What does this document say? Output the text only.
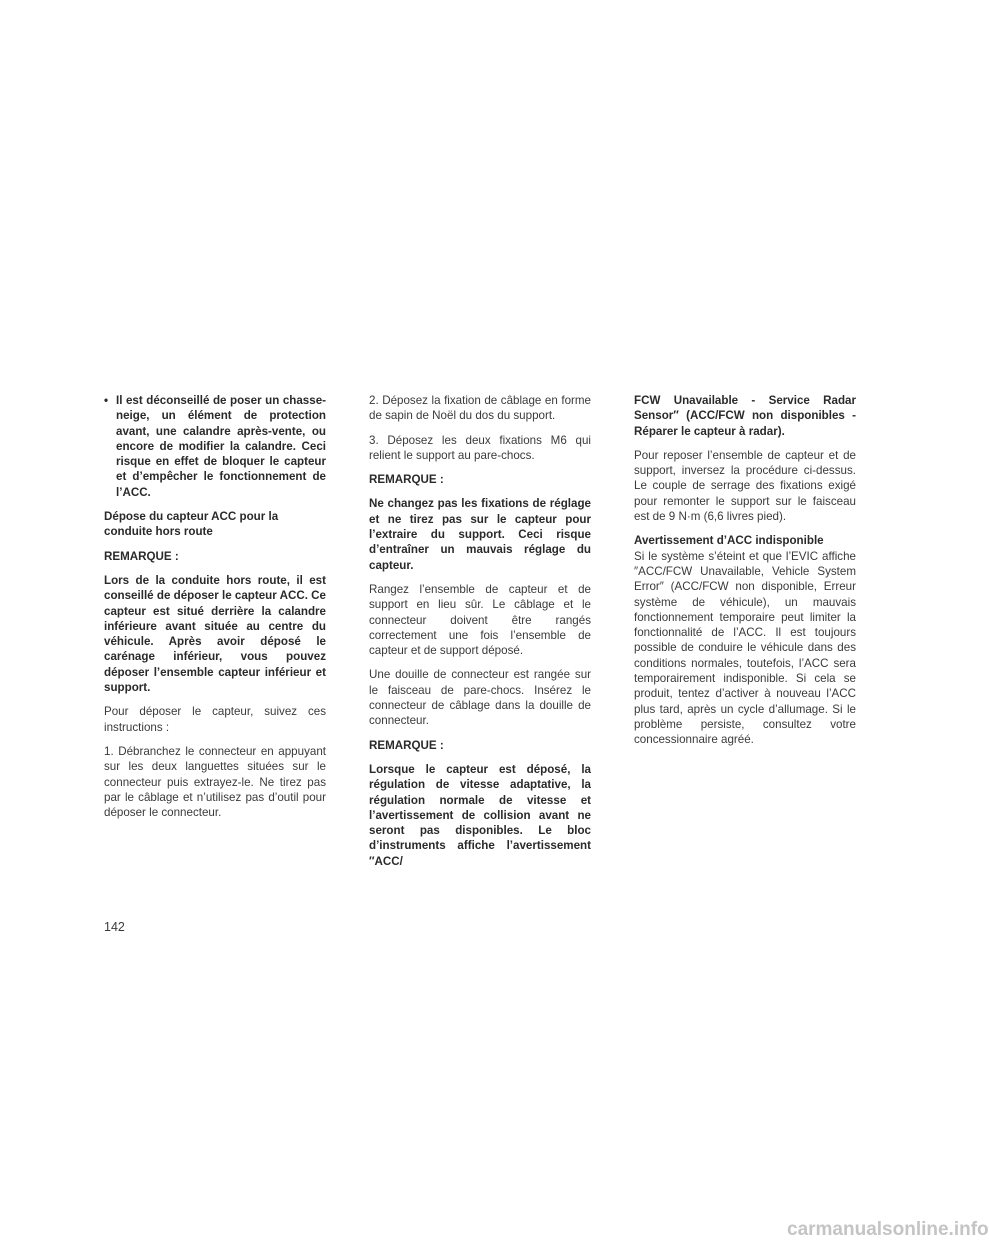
• Il est déconseillé de poser un chasse-neige, un élément de protection avant, une calandre après-vente, ou encore de modifier la calandre. Ceci risque en effet de bloquer le capteur et d’empêcher le fonctionnement de l’ACC.

Dépose du capteur ACC pour la conduite hors route

REMARQUE :

Lors de la conduite hors route, il est conseillé de déposer le capteur ACC. Ce capteur est situé derrière la calandre inférieure avant située au centre du véhicule. Après avoir déposé le carénage inférieur, vous pouvez déposer l’ensemble capteur inférieur et support.

Pour déposer le capteur, suivez ces instructions :

1. Débranchez le connecteur en appuyant sur les deux languettes situées sur le connecteur puis extrayez-le. Ne tirez pas par le câblage et n’utilisez pas d’outil pour déposer le connecteur.

2. Déposez la fixation de câblage en forme de sapin de Noël du dos du support.

3. Déposez les deux fixations M6 qui relient le support au pare-chocs.

REMARQUE :

Ne changez pas les fixations de réglage et ne tirez pas sur le capteur pour l’extraire du support. Ceci risque d’entraîner un mauvais réglage du capteur.

Rangez l’ensemble de capteur et de support en lieu sûr. Le câblage et le connecteur doivent être rangés correctement une fois l’ensemble de capteur et de support déposé.

Une douille de connecteur est rangée sur le faisceau de pare-chocs. Insérez le connecteur de câblage dans la douille de connecteur.

REMARQUE :

Lorsque le capteur est déposé, la régulation de vitesse adaptative, la régulation normale de vitesse et l’avertissement de collision avant ne seront pas disponibles. Le bloc d’instruments affiche l’avertissement ″ACC/

FCW Unavailable - Service Radar Sensor″ (ACC/FCW non disponibles - Réparer le capteur à radar).

Pour reposer l’ensemble de capteur et de support, inversez la procédure ci-dessus. Le couple de serrage des fixations exigé pour remonter le support sur le faisceau est de 9 N·m (6,6 livres pied).

Avertissement d’ACC indisponible

Si le système s’éteint et que l’EVIC affiche ″ACC/FCW Unavailable, Vehicle System Error″ (ACC/FCW non disponible, Erreur système de véhicule), un mauvais fonctionnement temporaire peut limiter la fonctionnalité de l’ACC. Il est toujours possible de conduire le véhicule dans des conditions normales, toutefois, l’ACC sera temporairement indisponible. Si cela se produit, tentez d’activer à nouveau l’ACC plus tard, après un cycle d’allumage. Si le problème persiste, consultez votre concessionnaire agréé.

142
carmanualsonline.info
